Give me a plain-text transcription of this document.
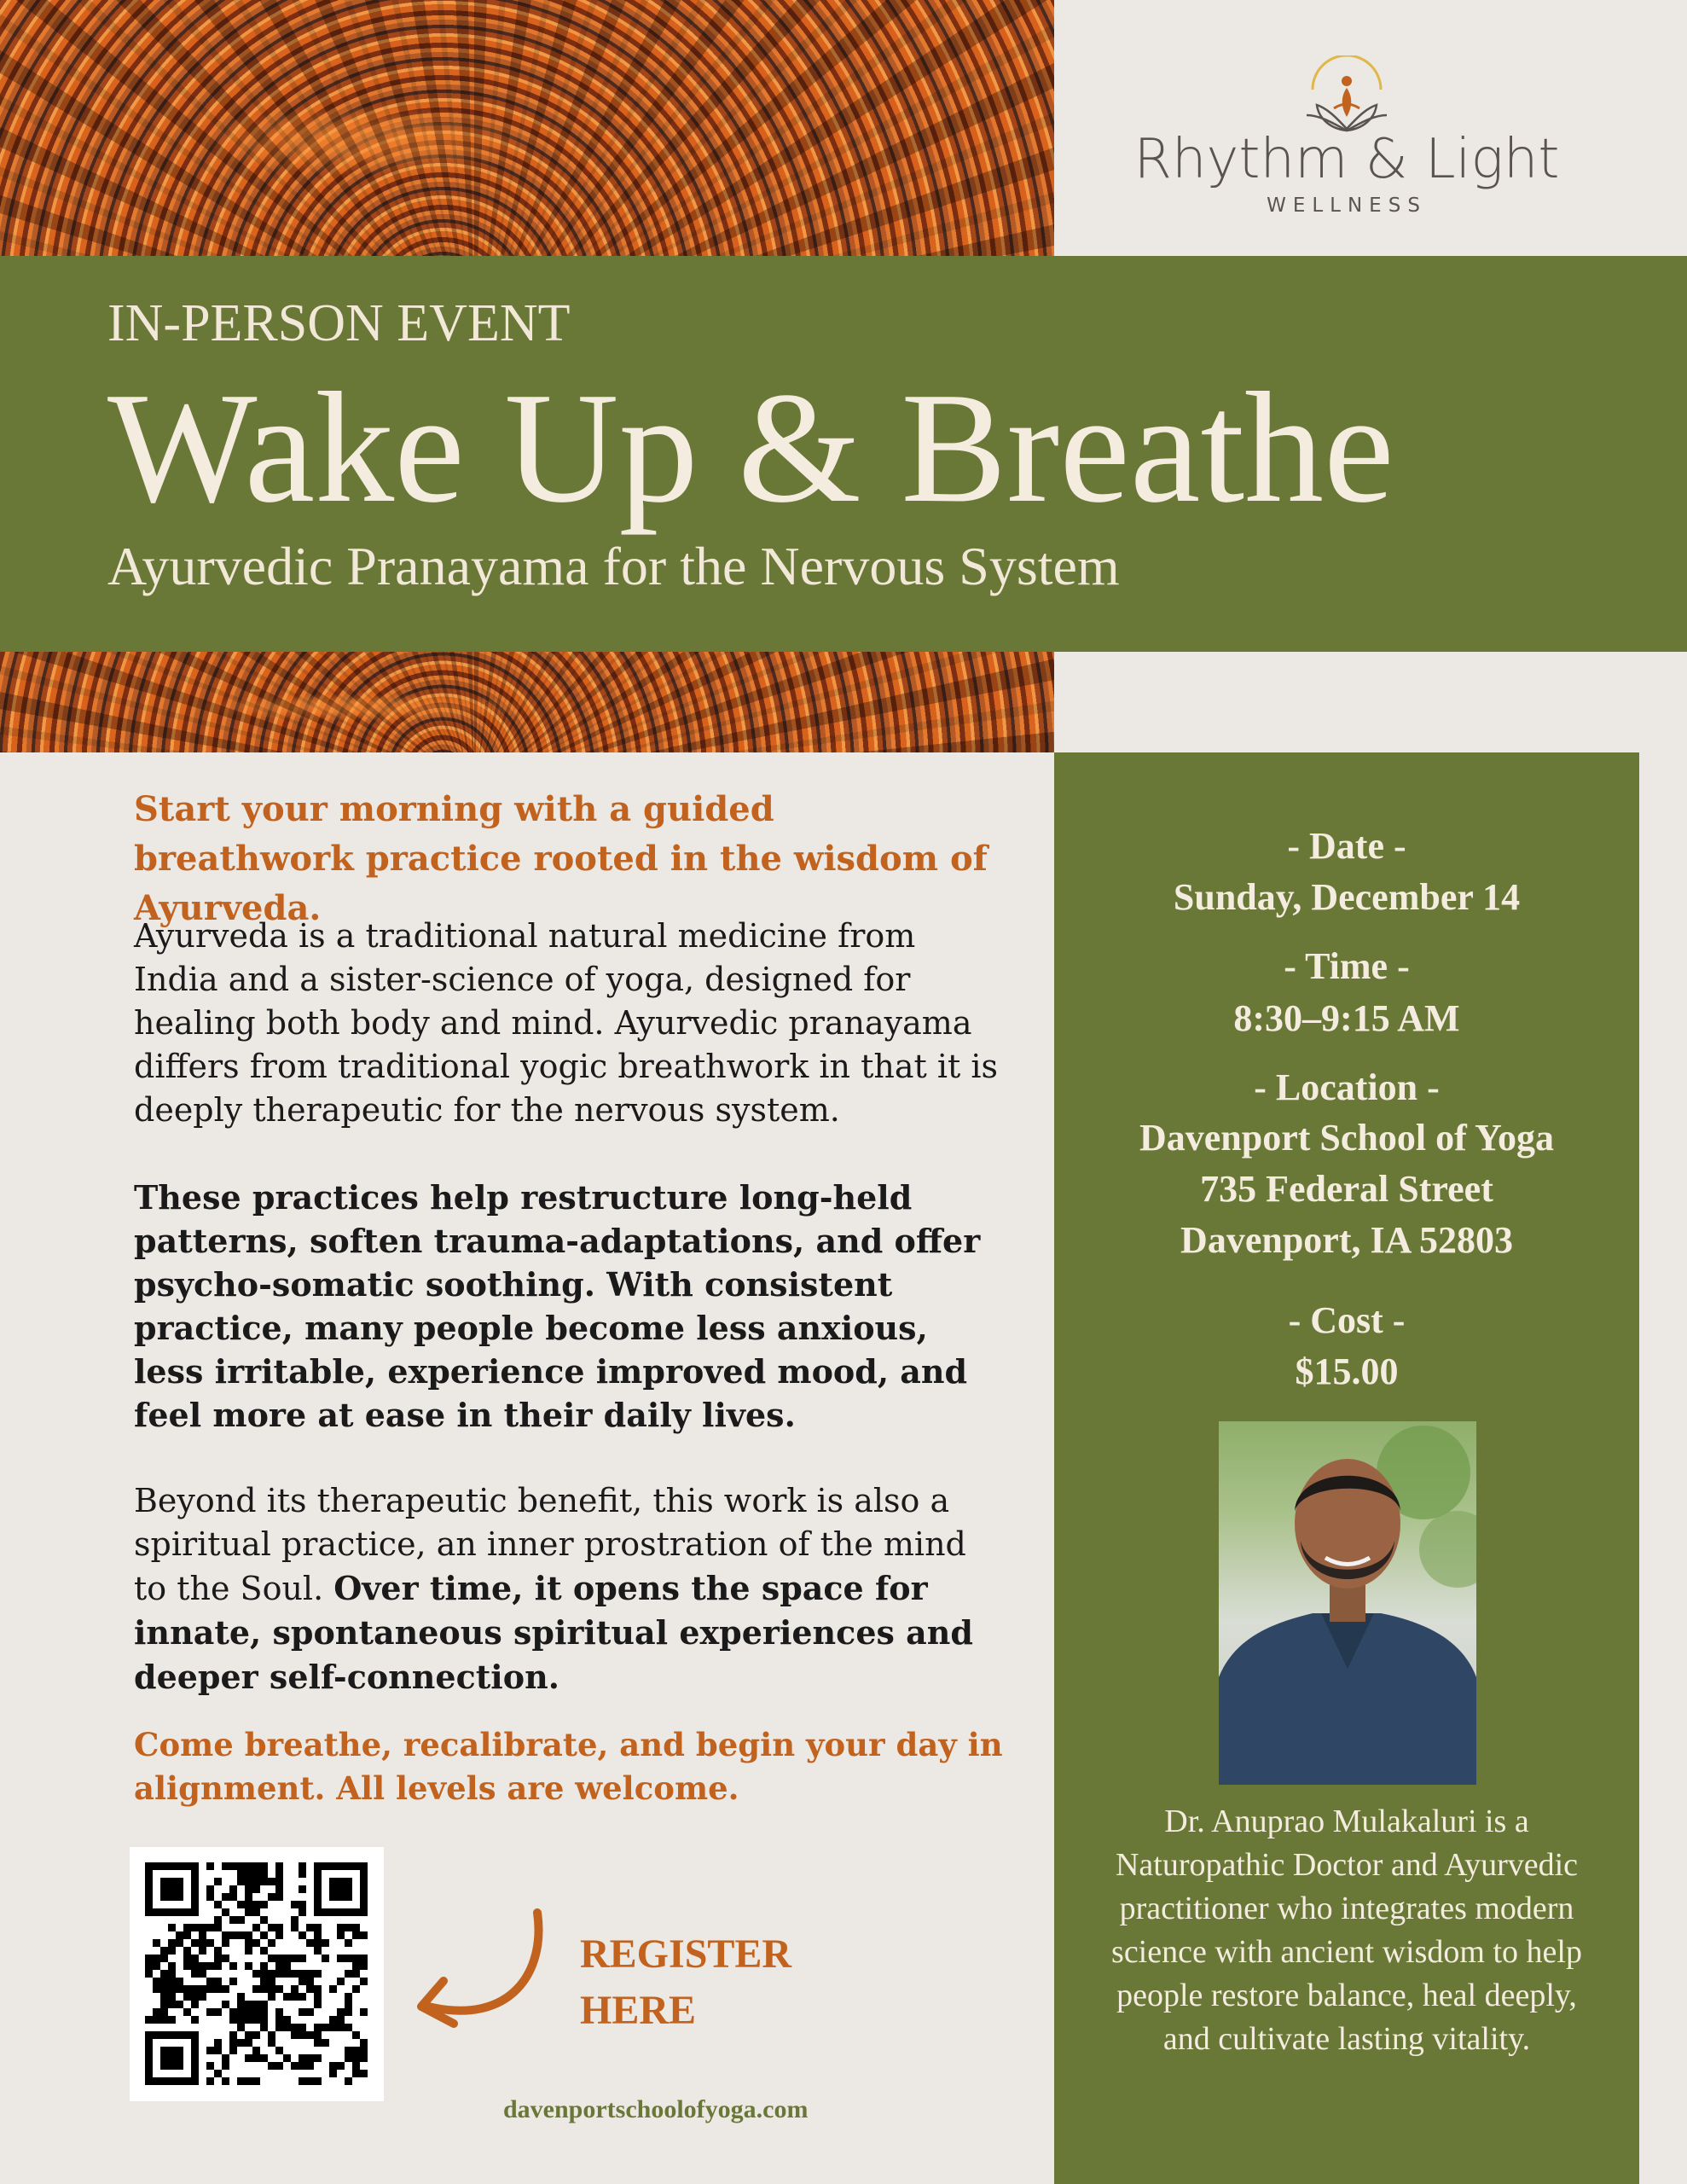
Rhythm & Light
WELLNESS
IN-PERSON EVENT
Wake Up & Breathe
Ayurvedic Pranayama for the Nervous System
Start your morning with a guided breathwork practice rooted in the wisdom of Ayurveda.
Ayurveda is a traditional natural medicine from India and a sister-science of yoga, designed for healing both body and mind. Ayurvedic pranayama differs from traditional yogic breathwork in that it is deeply therapeutic for the nervous system.
These practices help restructure long-held patterns, soften trauma-adaptations, and offer psycho-somatic soothing. With consistent practice, many people become less anxious, less irritable, experience improved mood, and feel more at ease in their daily lives.
Beyond its therapeutic benefit, this work is also a spiritual practice, an inner prostration of the mind to the Soul. Over time, it opens the space for innate, spontaneous spiritual experiences and deeper self-connection.
Come breathe, recalibrate, and begin your day in alignment. All levels are welcome.
REGISTER
HERE
davenportschoolofyoga.com
- Date -
Sunday, December 14
- Time -
8:30–9:15 AM
- Location -
Davenport School of Yoga
735 Federal Street
Davenport, IA 52803
- Cost -
$15.00
Dr. Anuprao Mulakaluri is a Naturopathic Doctor and Ayurvedic practitioner who integrates modern science with ancient wisdom to help people restore balance, heal deeply, and cultivate lasting vitality.
